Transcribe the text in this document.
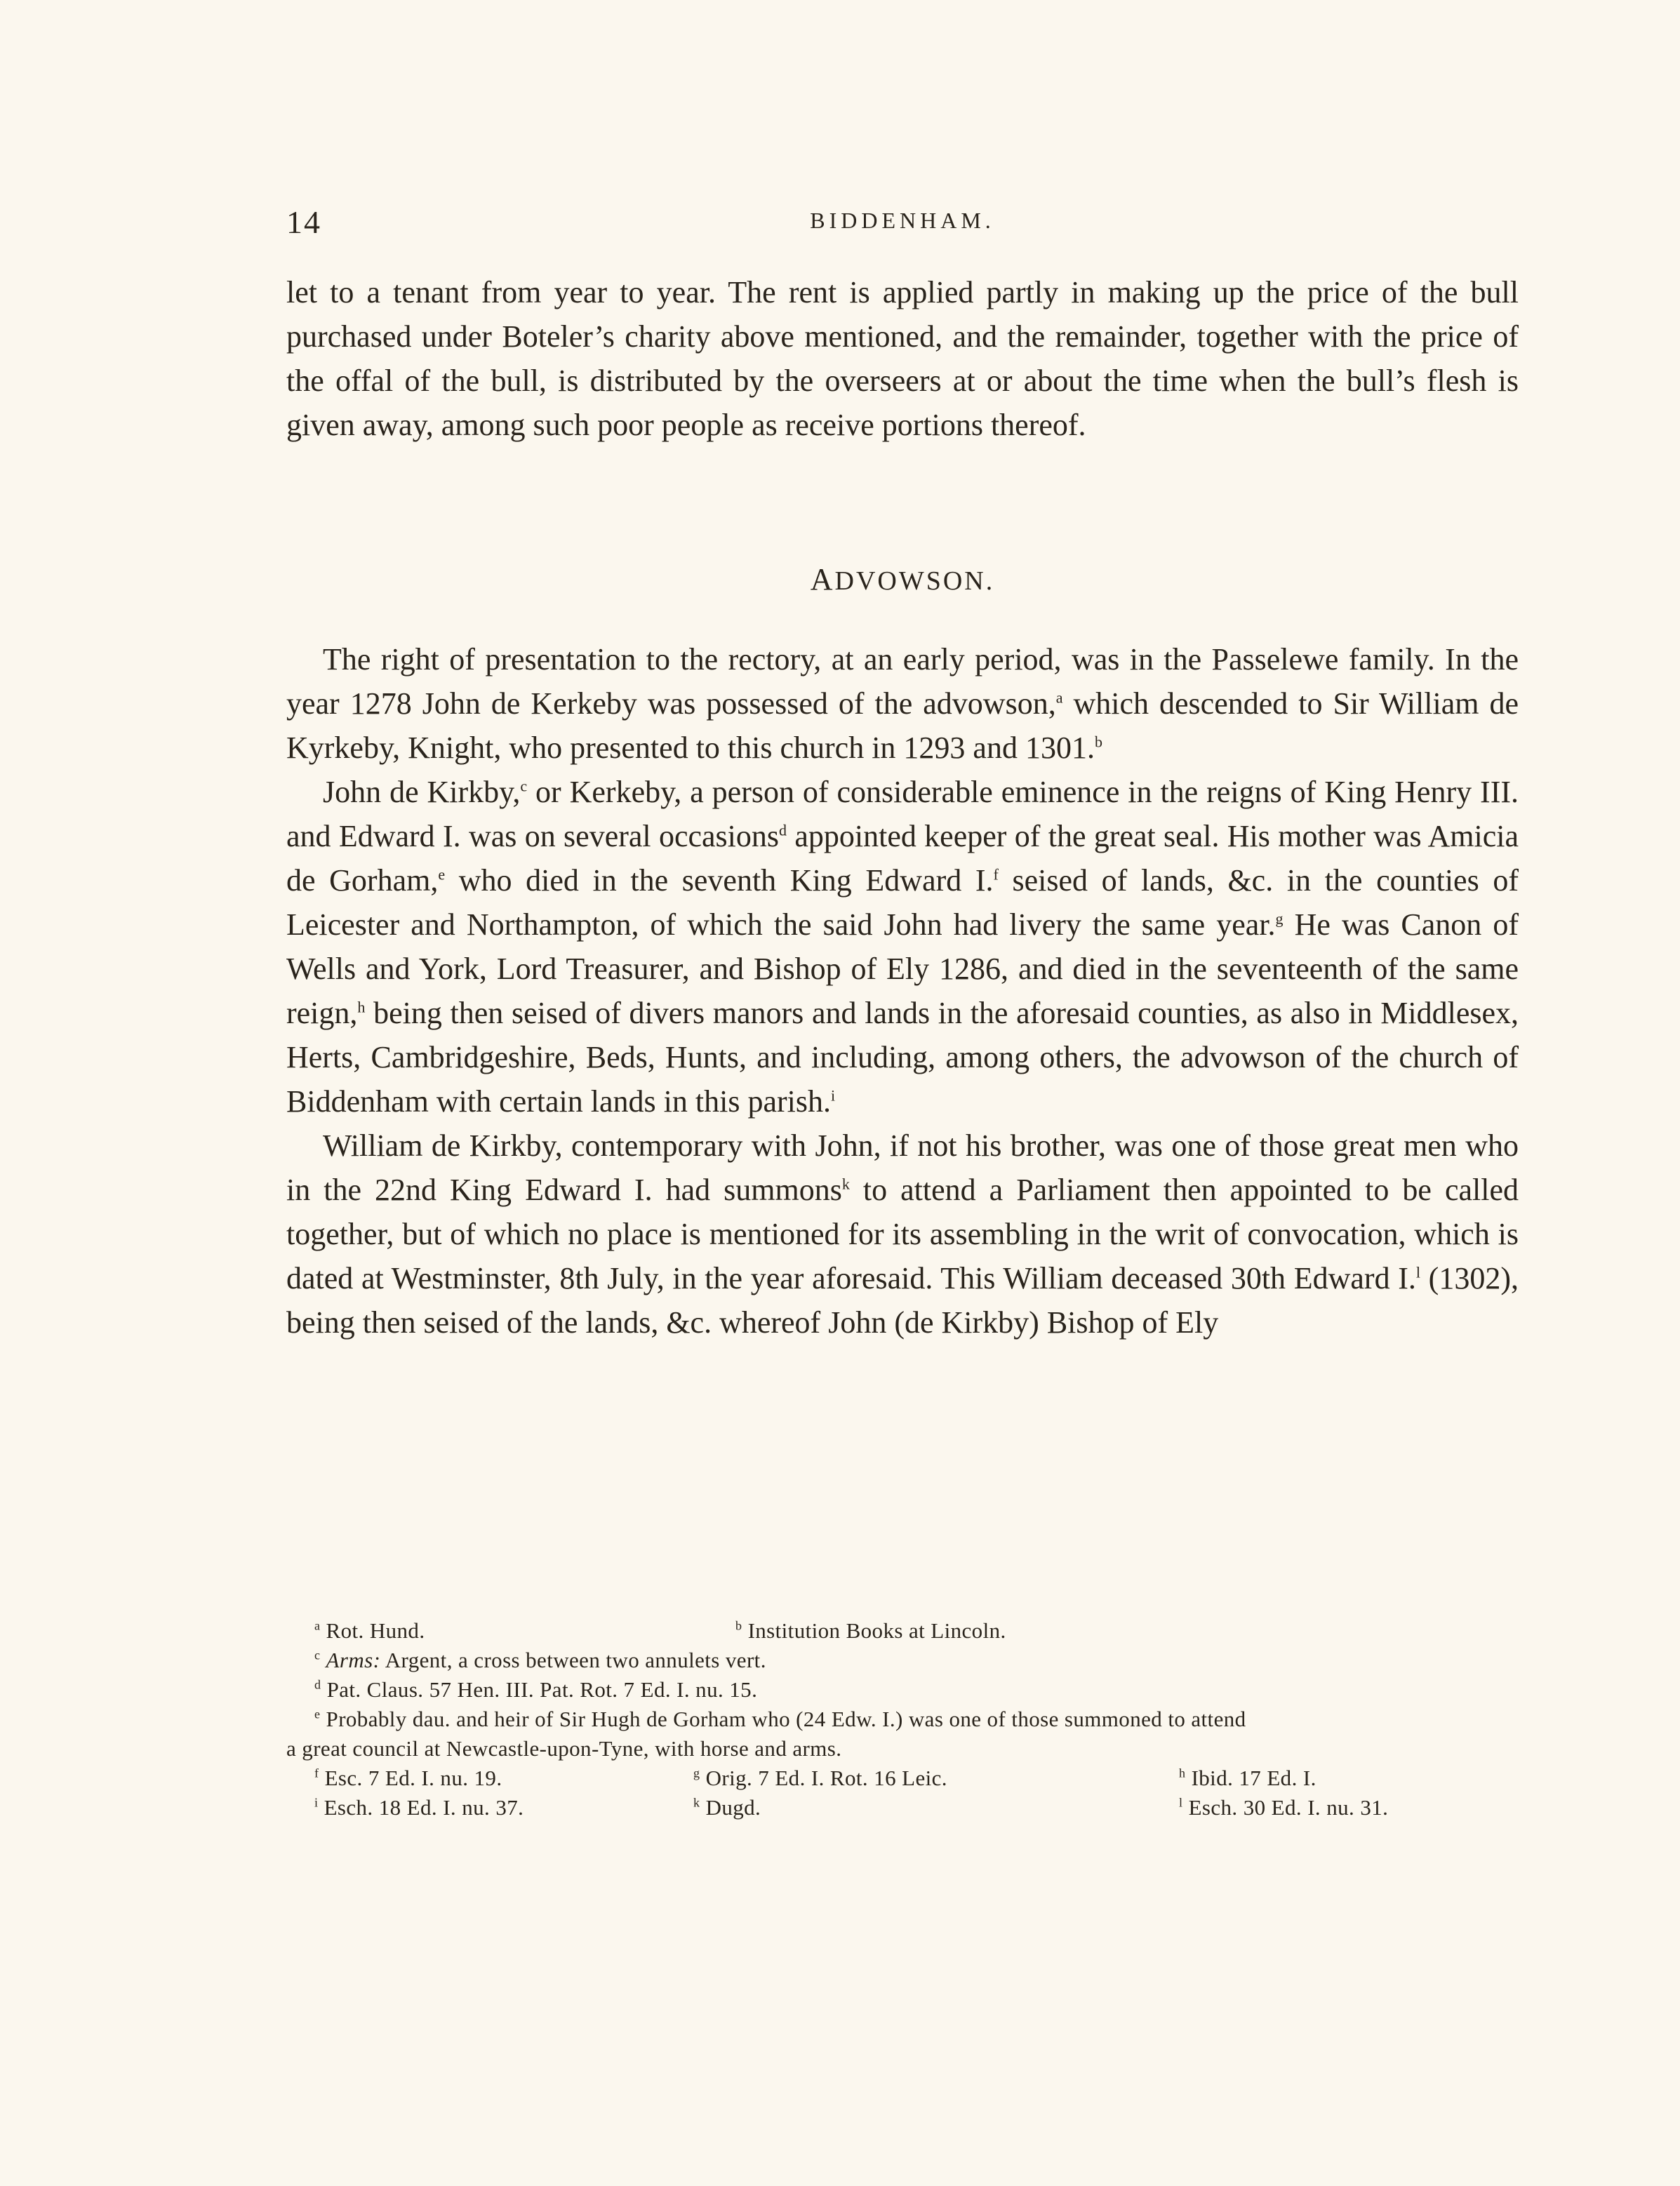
14	BIDDENHAM.

let to a tenant from year to year. The rent is applied partly in making up the price of the bull purchased under Boteler’s charity above mentioned, and the remainder, together with the price of the offal of the bull, is distributed by the overseers at or about the time when the bull’s flesh is given away, among such poor people as receive portions thereof.

ADVOWSON.

The right of presentation to the rectory, at an early period, was in the Passelewe family. In the year 1278 John de Kerkeby was possessed of the advowson,$^a$ which descended to Sir William de Kyrkeby, Knight, who presented to this church in 1293 and 1301.$^b$

John de Kirkby,$^c$ or Kerkeby, a person of considerable eminence in the reigns of King Henry III. and Edward I. was on several occasions$^d$ appointed keeper of the great seal. His mother was Amicia de Gorham,$^e$ who died in the seventh King Edward I.$^f$ seised of lands, &c. in the counties of Leicester and Northampton, of which the said John had livery the same year.$^g$ He was Canon of Wells and York, Lord Treasurer, and Bishop of Ely 1286, and died in the seventeenth of the same reign,$^h$ being then seised of divers manors and lands in the aforesaid counties, as also in Middlesex, Herts, Cambridgeshire, Beds, Hunts, and including, among others, the advowson of the church of Biddenham with certain lands in this parish.$^i$

William de Kirkby, contemporary with John, if not his brother, was one of those great men who in the 22nd King Edward I. had summons$^k$ to attend a Parliament then appointed to be called together, but of which no place is mentioned for its assembling in the writ of convocation, which is dated at Westminster, 8th July, in the year aforesaid. This William deceased 30th Edward I.$^l$ (1302), being then seised of the lands, &c. whereof John (de Kirkby) Bishop of Ely

$^a$ Rot. Hund.	$^b$ Institution Books at Lincoln.

$^c$ Arms: Argent, a cross between two annulets vert.

$^d$ Pat. Claus. 57 Hen. III. Pat. Rot. 7 Ed. I. nu. 15.

$^e$ Probably dau. and heir of Sir Hugh de Gorham who (24 Edw. I.) was one of those summoned to attend

a great council at Newcastle-upon-Tyne, with horse and arms.

$^f$ Esc. 7 Ed. I. nu. 19.	$^g$ Orig. 7 Ed. I. Rot. 16 Leic.	$^h$ Ibid. 17 Ed. I.
$^i$ Esch. 18 Ed. I. nu. 37.	$^k$ Dugd.	$^l$ Esch. 30 Ed. I. nu. 31.
